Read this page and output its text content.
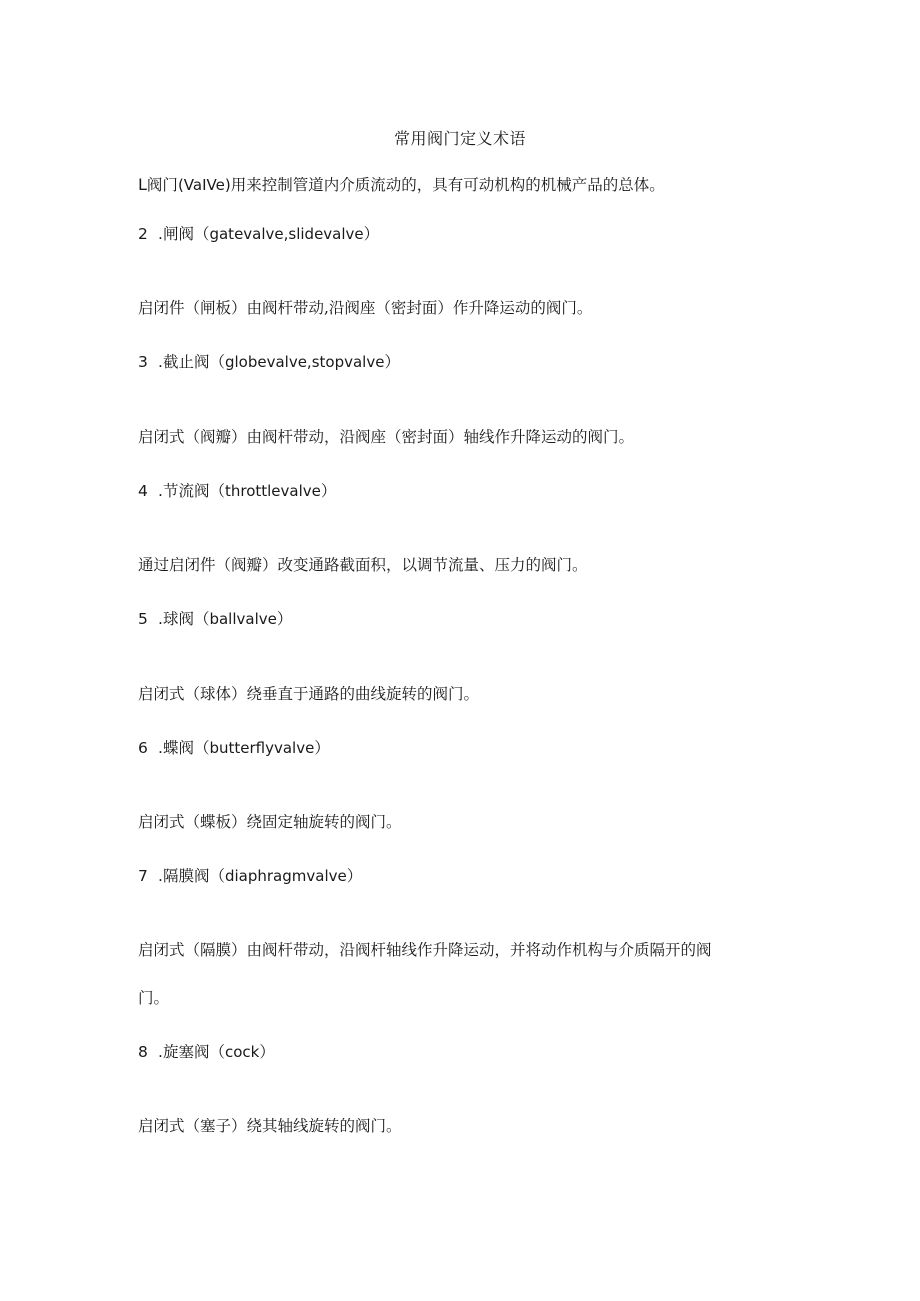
常用阀门定义术语
L阀门(VaIVe)用来控制管道内介质流动的，具有可动机构的机械产品的总体。
2 .闸阀（gatevalve,slidevalve）
启闭件（闸板）由阀杆带动,沿阀座（密封面）作升降运动的阀门。
3 .截止阀（globevalve,stopvalve）
启闭式（阀瓣）由阀杆带动，沿阀座（密封面）轴线作升降运动的阀门。
4 .节流阀（throttlevalve）
通过启闭件（阀瓣）改变通路截面积，以调节流量、压力的阀门。
5 .球阀（ballvalve）
启闭式（球体）绕垂直于通路的曲线旋转的阀门。
6 .蝶阀（butterflyvalve）
启闭式（蝶板）绕固定轴旋转的阀门。
7 .隔膜阀（diaphragmvalve）
启闭式（隔膜）由阀杆带动，沿阀杆轴线作升降运动，并将动作机构与介质隔开的阀
门。
8 .旋塞阀（cock）
启闭式（塞子）绕其轴线旋转的阀门。
